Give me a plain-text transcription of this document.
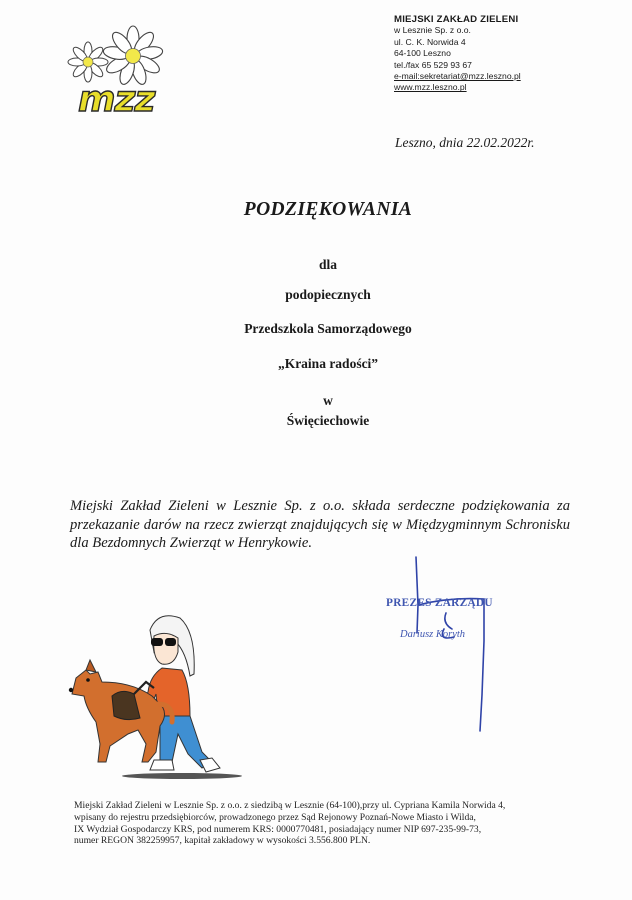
mzz
MIEJSKI ZAKŁAD ZIELENI
w Lesznie Sp. z o.o.
ul. C. K. Norwida 4
64-100 Leszno
tel./fax 65 529 93 67
e-mail:sekretariat@mzz.leszno.pl
www.mzz.leszno.pl
Leszno, dnia 22.02.2022r.
PODZIĘKOWANIA
dla
podopiecznych
Przedszkola Samorządowego
„Kraina radości”
w
Święciechowie
Miejski Zakład Zieleni w Lesznie Sp. z o.o. składa serdeczne podziękowania za przekazanie darów na rzecz zwierząt znajdujących się w Międzygminnym Schronisku dla Bezdomnych Zwierząt w Henrykowie.
PREZES ZARZĄDU
Dariusz Koryth
Miejski Zakład Zieleni w Lesznie Sp. z o.o. z siedzibą w Lesznie (64-100),przy ul. Cypriana Kamila Norwida 4,
wpisany do rejestru przedsiębiorców, prowadzonego przez Sąd Rejonowy Poznań-Nowe Miasto i Wilda,
IX Wydział Gospodarczy KRS, pod numerem KRS: 0000770481, posiadający numer NIP 697-235-99-73,
numer REGON 382259957, kapitał zakładowy w wysokości 3.556.800 PLN.
